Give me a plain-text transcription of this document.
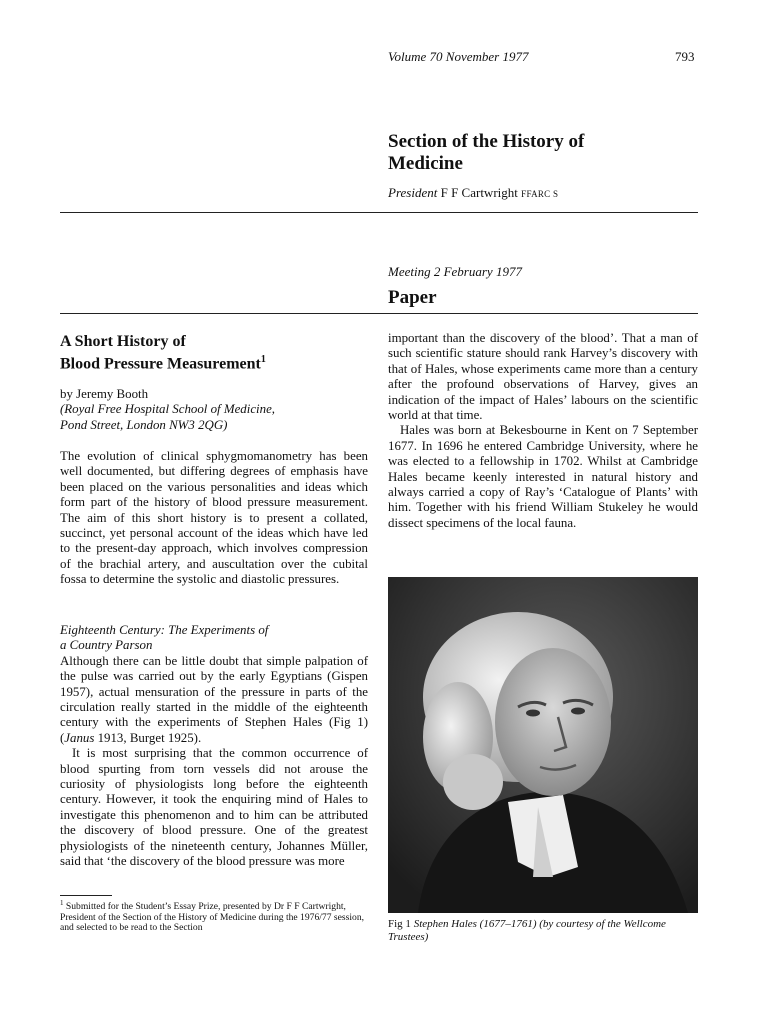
Volume 70 November 1977	793
Section of the History of Medicine
President F F Cartwright FFARC S
Meeting 2 February 1977
Paper
A Short History of
Blood Pressure Measurement$^1$
by Jeremy Booth
(Royal Free Hospital School of Medicine,
Pond Street, London NW3 2QG)

The evolution of clinical sphygmomanometry has been well documented, but differing degrees of emphasis have been placed on the various personalities and ideas which form part of the history of blood pressure measurement. The aim of this short history is to present a collated, succinct, yet personal account of the ideas which have led to the present-day approach, which involves compression of the brachial artery, and auscultation over the cubital fossa to determine the systolic and diastolic pressures.

Eighteenth Century: The Experiments of
a Country Parson

Although there can be little doubt that simple palpation of the pulse was carried out by the early Egyptians (Gispen 1957), actual mensuration of the pressure in parts of the circulation really started in the middle of the eighteenth century with the experiments of Stephen Hales (Fig 1) (Janus 1913, Burget 1925).

It is most surprising that the common occurrence of blood spurting from torn vessels did not arouse the curiosity of physiologists long before the eighteenth century. However, it took the enquiring mind of Hales to investigate this phenomenon and to him can be attributed the discovery of blood pressure. One of the greatest physiologists of the nineteenth century, Johannes Müller, said that ‘the discovery of the blood pressure was more

$^1$ Submitted for the Student’s Essay Prize, presented by Dr F F Cartwright, President of the Section of the History of Medicine during the 1976/77 session, and selected to be read to the Section

important than the discovery of the blood’. That a man of such scientific stature should rank Harvey’s discovery with that of Hales, whose experiments came more than a century after the profound observations of Harvey, gives an indication of the impact of Hales’ labours on the scientific world at that time.

Hales was born at Bekesbourne in Kent on 7 September 1677. In 1696 he entered Cambridge University, where he was elected to a fellowship in 1702. Whilst at Cambridge Hales became keenly interested in natural history and always carried a copy of Ray’s ‘Catalogue of Plants’ with him. Together with his friend William Stukeley he would dissect specimens of the local fauna.

Fig 1 Stephen Hales (1677–1761) (by courtesy of the Wellcome Trustees)
